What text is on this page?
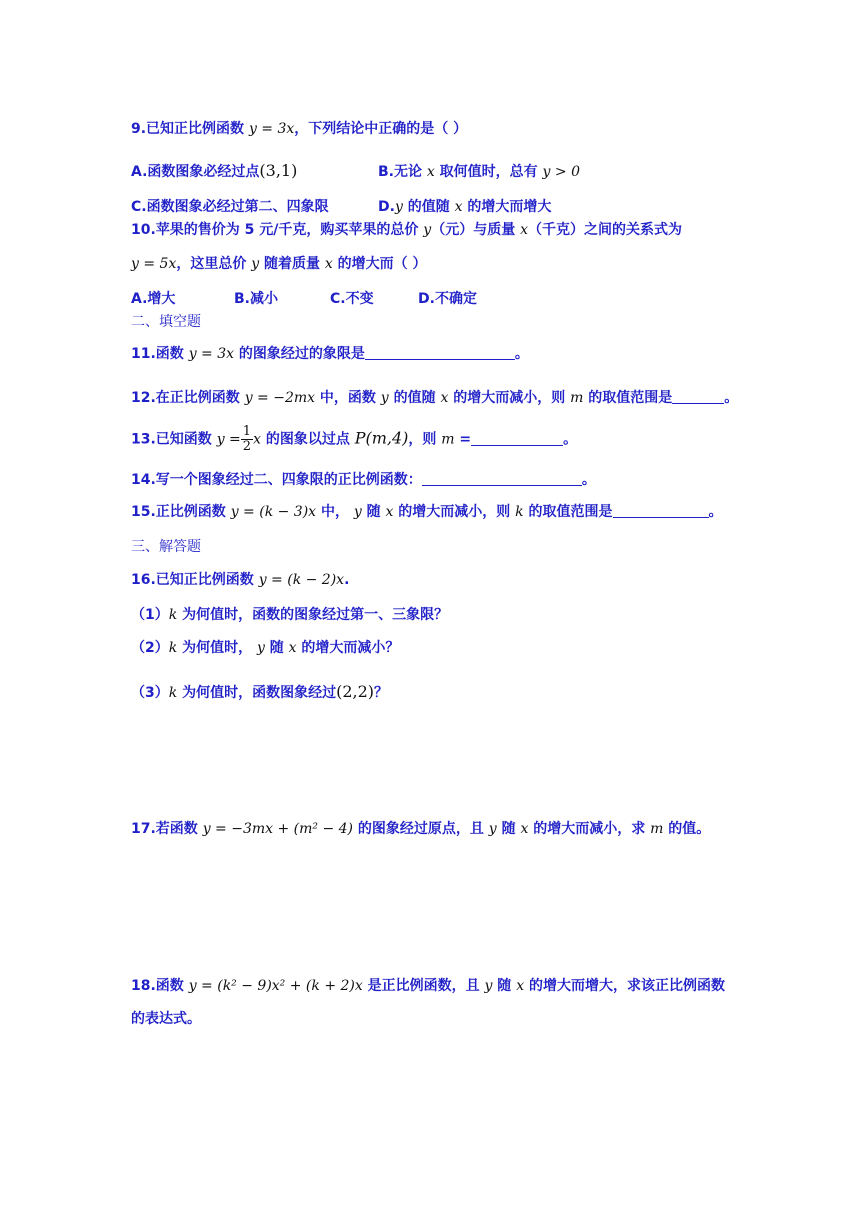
9.已知正比例函数 y = 3x，下列结论中正确的是（ ）
A.函数图象必经过点(3,1)	B.无论 x 取何值时，总有 y > 0
C.函数图象必经过第二、四象限	D.y 的值随 x 的增大而增大
10.苹果的售价为 5 元/千克，购买苹果的总价 y（元）与质量 x（千克）之间的关系式为
y = 5x，这里总价 y 随着质量 x 的增大而（ ）
A.增大	B.减小	C.不变	D.不确定
二、填空题
11.函数 y = 3x 的图象经过的象限是	。
12.在正比例函数 y = −2mx 中，函数 y 的值随 x 的增大而减小，则 m 的取值范围是	。
13.已知函数 $y = \frac{1}{2}$ x 的图象以过点 P(m,4)，则 m =	。
14.写一个图象经过二、四象限的正比例函数：	。
15.正比例函数 y = (k − 3)x 中， y 随 x 的增大而减小，则 k 的取值范围是	。
三、解答题
16.已知正比例函数 y = (k − 2)x.
（1）k 为何值时，函数的图象经过第一、三象限？
（2）k 为何值时， y 随 x 的增大而减小？
（3）k 为何值时，函数图象经过(2,2)？
17.若函数 y = −3mx + (m² − 4) 的图象经过原点，且 y 随 x 的增大而减小，求 m 的值。
18.函数 y = (k² − 9)x² + (k + 2)x 是正比例函数，且 y 随 x 的增大而增大，求该正比例函数
的表达式。
